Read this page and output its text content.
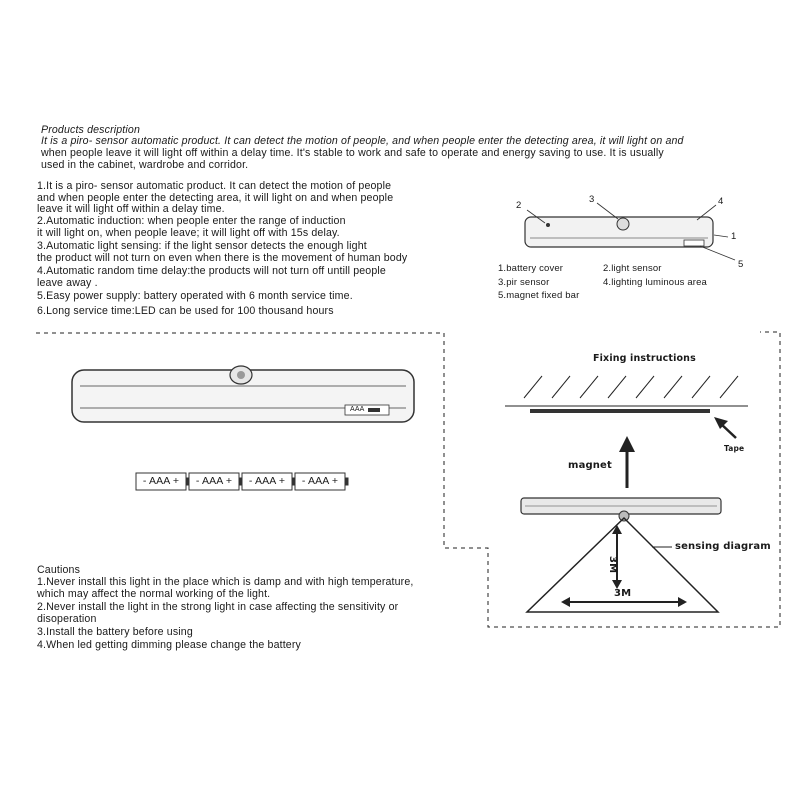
Products description
It is a piro- sensor automatic product. It can detect the motion of people, and when people enter the detecting area, it will light on and
when people leave it will light off within a delay time. It's stable to work and safe to operate and energy saving to use. It is usually
used in the cabinet, wardrobe and corridor.
1.It is a piro- sensor automatic product. It can detect the motion of people
and when people enter the detecting area, it will light on and when people
leave it will light off within a delay time.
2.Automatic induction: when people enter the range of induction
it will light on, when people leave; it will light off with 15s delay.
3.Automatic light sensing: if the light sensor detects the enough light
the product will not turn on even when there is the movement of human body
4.Automatic random time delay:the products will not turn off untill people
leave away .
5.Easy power supply: battery operated with 6 month service time.
6.Long service time:LED can be used for 100 thousand hours
2
3	4
1
5
1.battery cover	2.light sensor
3.pir sensor	4.lighting luminous area
5.magnet fixed bar
AAA
- AAA +	- AAA +	- AAA +	- AAA +
Fixing instructions
Tape
magnet
sensing diagram
3M
3M
Cautions
1.Never install this light in the place which is damp and with high temperature,
which may affect the normal working of the light.
2.Never install the light in the strong light in case affecting the sensitivity or
disoperation
3.Install the battery before using
4.When led getting dimming please change the battery
